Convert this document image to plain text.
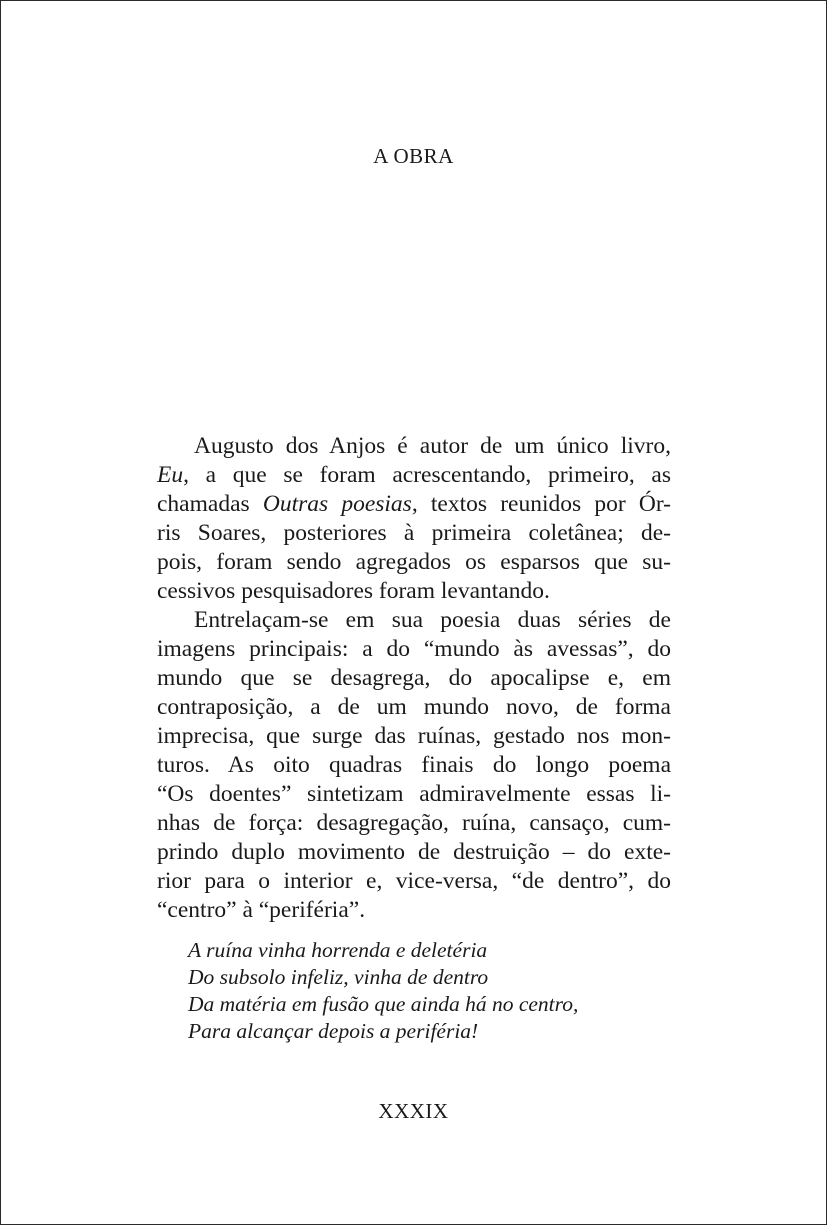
A OBRA
Augusto dos Anjos é autor de um único livro,
Eu, a que se foram acrescentando, primeiro, as
chamadas Outras poesias, textos reunidos por Ór-
ris Soares, posteriores à primeira coletânea; de-
pois, foram sendo agregados os esparsos que su-
cessivos pesquisadores foram levantando.
Entrelaçam-se em sua poesia duas séries de
imagens principais: a do “mundo às avessas”, do
mundo que se desagrega, do apocalipse e, em
contraposição, a de um mundo novo, de forma
imprecisa, que surge das ruínas, gestado nos mon-
turos. As oito quadras finais do longo poema
“Os doentes” sintetizam admiravelmente essas li-
nhas de força: desagregação, ruína, cansaço, cum-
prindo duplo movimento de destruição – do exte-
rior para o interior e, vice-versa, “de dentro”, do
“centro” à “periféria”.
A ruína vinha horrenda e deletéria
Do subsolo infeliz, vinha de dentro
Da matéria em fusão que ainda há no centro,
Para alcançar depois a periféria!
XXXIX
